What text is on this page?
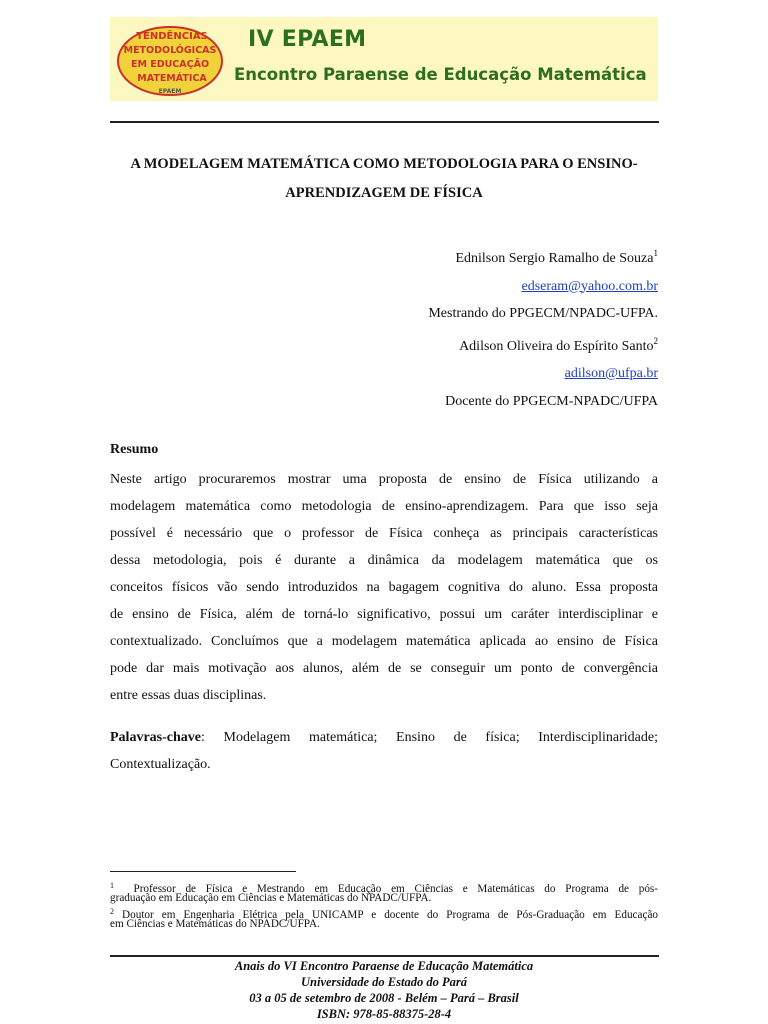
TENDÊNCIAS
METODOLÓGICAS
EM EDUCAÇÃO
MATEMÁTICA
EPAEM
IV EPAEM
Encontro Paraense de Educação Matemática
A MODELAGEM MATEMÁTICA COMO METODOLOGIA PARA O ENSINO-
APRENDIZAGEM DE FÍSICA
Ednilson Sergio Ramalho de Souza$^1$
edseram@yahoo.com.br
Mestrando do PPGECM/NPADC-UFPA.
Adilson Oliveira do Espírito Santo$^2$
adilson@ufpa.br
Docente do PPGECM-NPADC/UFPA
Resumo
Neste artigo procuraremos mostrar uma proposta de ensino de Física utilizando a
modelagem matemática como metodologia de ensino-aprendizagem. Para que isso seja
possível é necessário que o professor de Física conheça as principais características
dessa metodologia, pois é durante a dinâmica da modelagem matemática que os
conceitos físicos vão sendo introduzidos na bagagem cognitiva do aluno. Essa proposta
de ensino de Física, além de torná-lo significativo, possui um caráter interdisciplinar e
contextualizado. Concluímos que a modelagem matemática aplicada ao ensino de Física
pode dar mais motivação aos alunos, além de se conseguir um ponto de convergência
entre essas duas disciplinas.
Palavras-chave: Modelagem matemática; Ensino de física; Interdisciplinaridade;
Contextualização.
$^1$ Professor de Física e Mestrando em Educação em Ciências e Matemáticas do Programa de pós-
graduação em Educação em Ciências e Matemáticas do NPADC/UFPA.
$^2$ Doutor em Engenharia Elétrica pela UNICAMP e docente do Programa de Pós-Graduação em Educação
em Ciências e Matemáticas do NPADC/UFPA.
Anais do VI Encontro Paraense de Educação Matemática
Universidade do Estado do Pará
03 a 05 de setembro de 2008 - Belém – Pará – Brasil
ISBN: 978-85-88375-28-4
